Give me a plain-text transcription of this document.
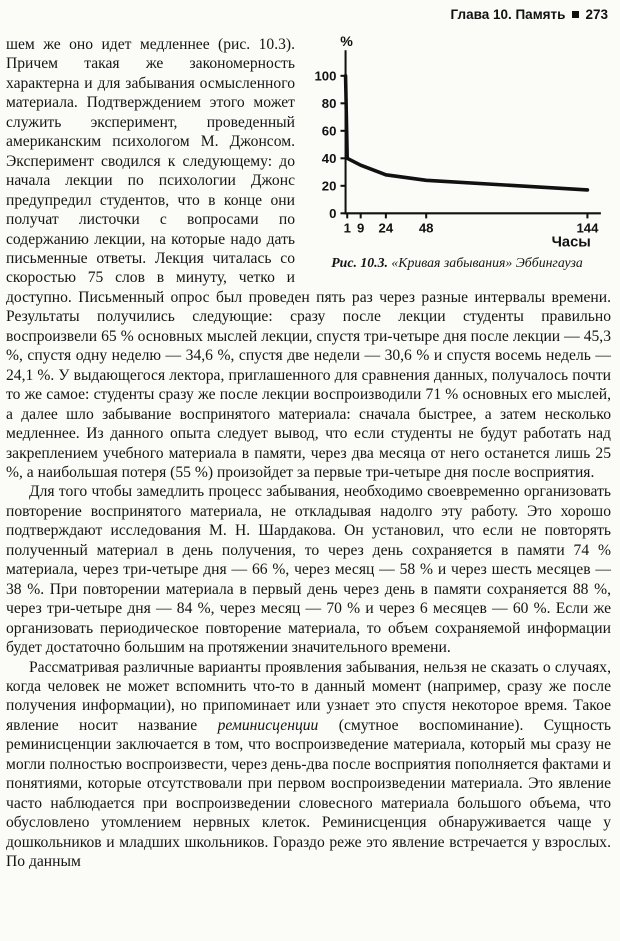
Глава 10. Память 273
0
20
40
60
80
100
1 9 24 48	144
%
Часы
Рис. 10.3. «Кривая забывания» Эббингауза

шем же оно идет медленнее (рис. 10.3). Причем такая же закономерность характерна и для забывания осмысленного материала. Подтверждением этого может служить эксперимент, проведенный американским психологом М. Джонсом. Эксперимент сводился к следующему: до начала лекции по психологии Джонс предупредил студентов, что в конце они получат листочки с вопросами по содержанию лекции, на которые надо дать письменные ответы. Лекция читалась со скоростью 75 слов в минуту, четко и доступно. Письменный опрос был проведен пять раз через разные интервалы времени. Результаты получились следующие: сразу после лекции студенты правильно воспроизвели 65 % основных мыслей лекции, спустя три-четыре дня после лекции — 45,3 %, спустя одну неделю — 34,6 %, спустя две недели — 30,6 % и спустя восемь недель — 24,1 %. У выдающегося лектора, приглашенного для сравнения данных, получалось почти то же самое: студенты сразу же после лекции воспроизводили 71 % основных его мыслей, а далее шло забывание воспринятого материала: сначала быстрее, а затем несколько медленнее. Из данного опыта следует вывод, что если студенты не будут работать над закреплением учебного материала в памяти, через два месяца от него останется лишь 25 %, а наибольшая потеря (55 %) произойдет за первые три-четыре дня после восприятия.

Для того чтобы замедлить процесс забывания, необходимо своевременно организовать повторение воспринятого материала, не откладывая надолго эту работу. Это хорошо подтверждают исследования М. Н. Шардакова. Он установил, что если не повторять полученный материал в день получения, то через день сохраняется в памяти 74 % материала, через три-четыре дня — 66 %, через месяц — 58 % и через шесть месяцев — 38 %. При повторении материала в первый день через день в памяти сохраняется 88 %, через три-четыре дня — 84 %, через месяц — 70 % и через 6 месяцев — 60 %. Если же организовать периодическое повторение материала, то объем сохраняемой информации будет достаточно большим на протяжении значительного времени.

Рассматривая различные варианты проявления забывания, нельзя не сказать о случаях, когда человек не может вспомнить что-то в данный момент (например, сразу же после получения информации), но припоминает или узнает это спустя некоторое время. Такое явление носит название реминисценции (смутное воспоминание). Сущность реминисценции заключается в том, что воспроизведение материала, который мы сразу не могли полностью воспроизвести, через день-два после восприятия пополняется фактами и понятиями, которые отсутствовали при первом воспроизведении материала. Это явление часто наблюдается при воспроизведении словесного материала большого объема, что обусловлено утомлением нервных клеток. Реминисценция обнаруживается чаще у дошкольников и младших школьников. Гораздо реже это явление встречается у взрослых. По данным
